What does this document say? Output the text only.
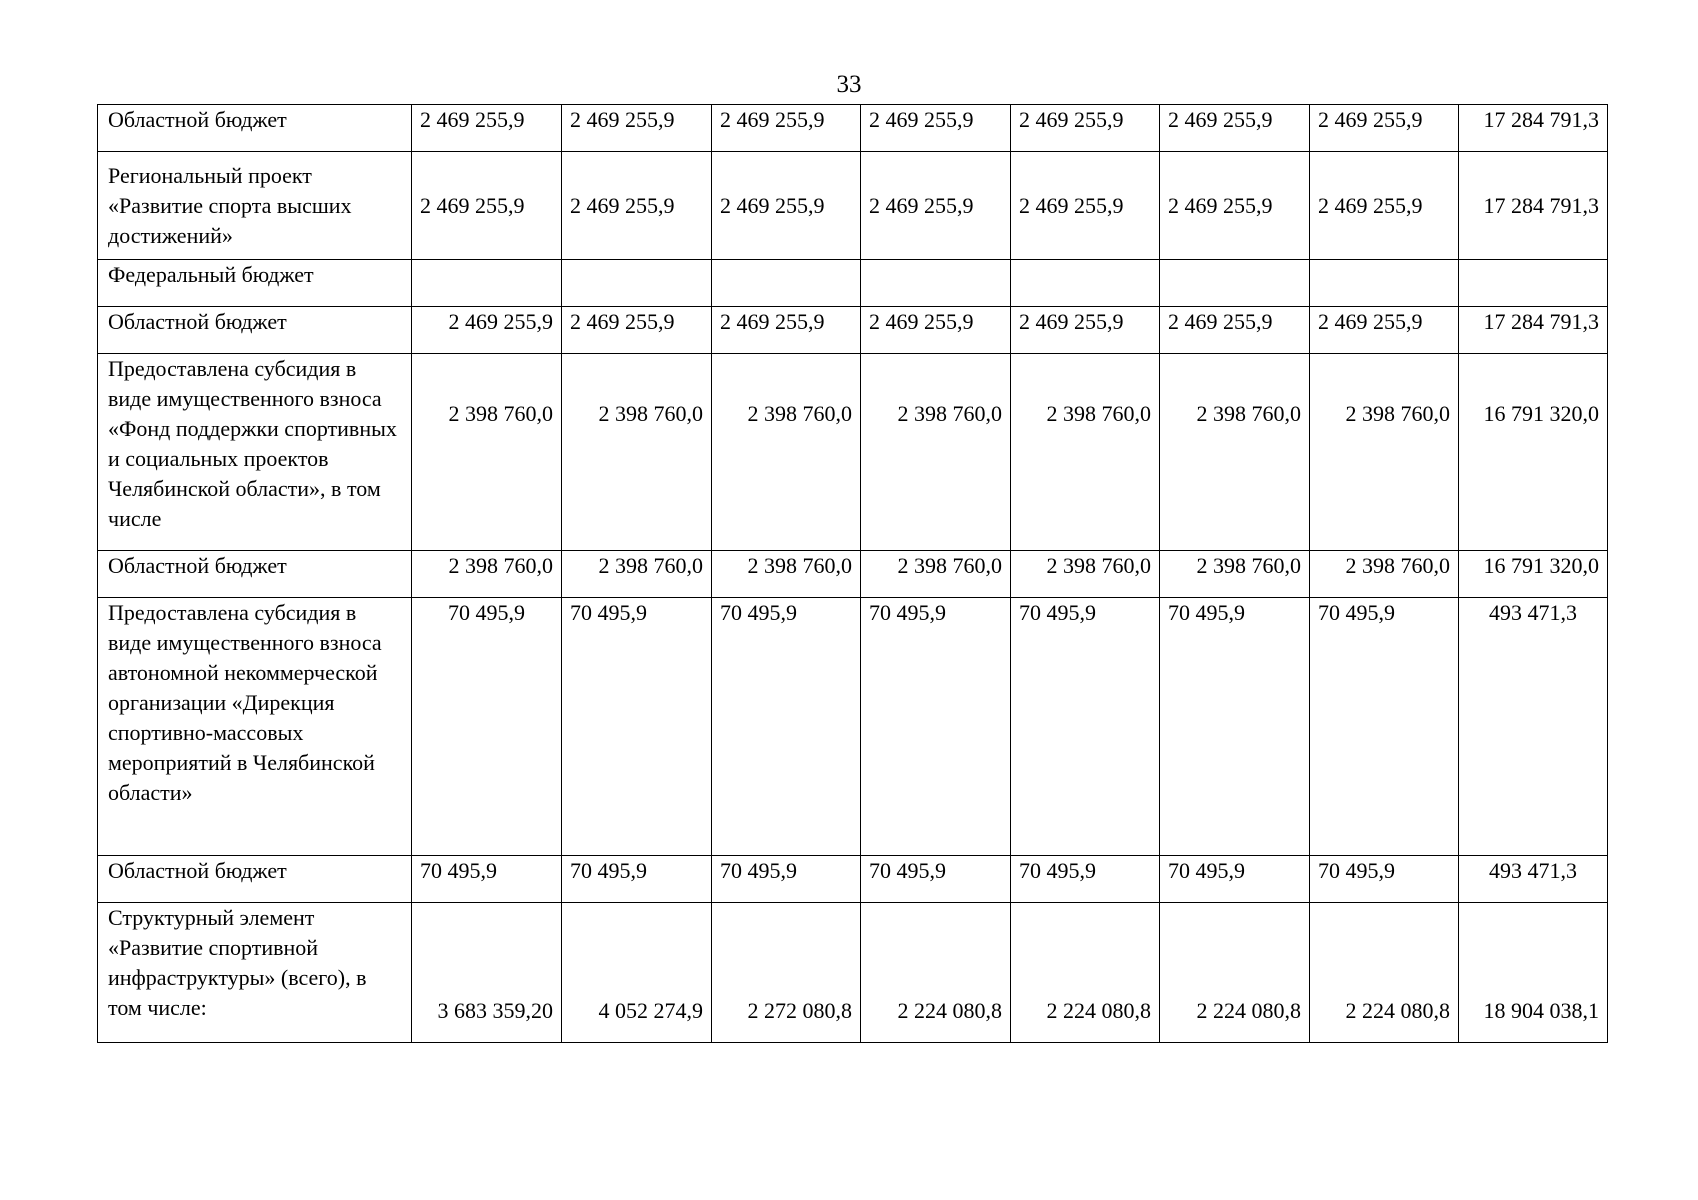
33
Областной бюджет	2 469 255,9	2 469 255,9	2 469 255,9	2 469 255,9	2 469 255,9	2 469 255,9	2 469 255,9	17 284 791,3
Региональный проект «Развитие спорта высших достижений»	2 469 255,9	2 469 255,9	2 469 255,9	2 469 255,9	2 469 255,9	2 469 255,9	2 469 255,9	17 284 791,3
Федеральный бюджет								
Областной бюджет	2 469 255,9	2 469 255,9	2 469 255,9	2 469 255,9	2 469 255,9	2 469 255,9	2 469 255,9	17 284 791,3
Предоставлена субсидия в виде имущественного взноса «Фонд поддержки спортивных и социальных проектов Челябинской области», в том числе	2 398 760,0	2 398 760,0	2 398 760,0	2 398 760,0	2 398 760,0	2 398 760,0	2 398 760,0	16 791 320,0
Областной бюджет	2 398 760,0	2 398 760,0	2 398 760,0	2 398 760,0	2 398 760,0	2 398 760,0	2 398 760,0	16 791 320,0
Предоставлена субсидия в виде имущественного взноса автономной некоммерческой организации «Дирекция спортивно-массовых мероприятий в Челябинской области»	70 495,9	70 495,9	70 495,9	70 495,9	70 495,9	70 495,9	70 495,9	493 471,3
Областной бюджет	70 495,9	70 495,9	70 495,9	70 495,9	70 495,9	70 495,9	70 495,9	493 471,3
Структурный элемент «Развитие спортивной инфраструктуры» (всего), в том числе:	3 683 359,20	4 052 274,9	2 272 080,8	2 224 080,8	2 224 080,8	2 224 080,8	2 224 080,8	18 904 038,1
